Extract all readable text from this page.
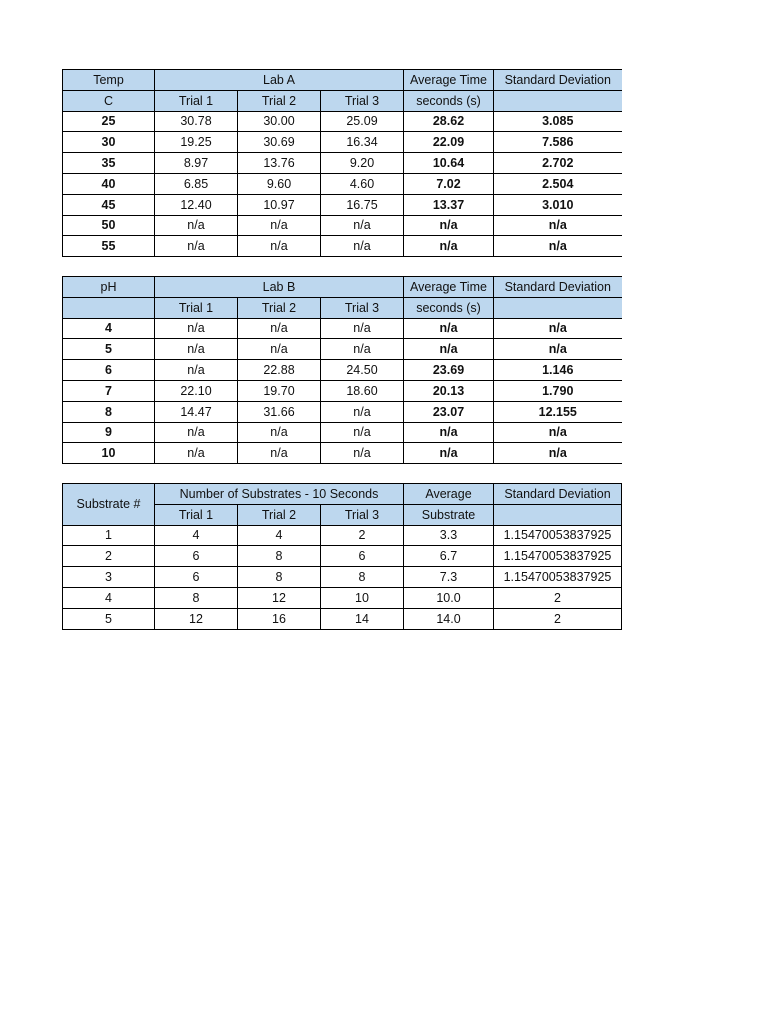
Temp	Lab A			Average Time	Standard Deviation
C	Trial 1	Trial 2	Trial 3	seconds (s)	
25	30.78	30.00	25.09	28.62	3.085
30	19.25	30.69	16.34	22.09	7.586
35	8.97	13.76	9.20	10.64	2.702
40	6.85	9.60	4.60	7.02	2.504
45	12.40	10.97	16.75	13.37	3.010
50	n/a	n/a	n/a	n/a	n/a
55	n/a	n/a	n/a	n/a	n/a
pH	Lab B			Average Time	Standard Deviation
	Trial 1	Trial 2	Trial 3	seconds (s)	
4	n/a	n/a	n/a	n/a	n/a
5	n/a	n/a	n/a	n/a	n/a
6	n/a	22.88	24.50	23.69	1.146
7	22.10	19.70	18.60	20.13	1.790
8	14.47	31.66	n/a	23.07	12.155
9	n/a	n/a	n/a	n/a	n/a
10	n/a	n/a	n/a	n/a	n/a
Substrate #	Number of Substrates - 10 Seconds			Average	Standard Deviation
	Trial 1	Trial 2	Trial 3	Substrate	
1	4	4	2	3.3	1.15470053837925
2	6	8	6	6.7	1.15470053837925
3	6	8	8	7.3	1.15470053837925
4	8	12	10	10.0	2
5	12	16	14	14.0	2
